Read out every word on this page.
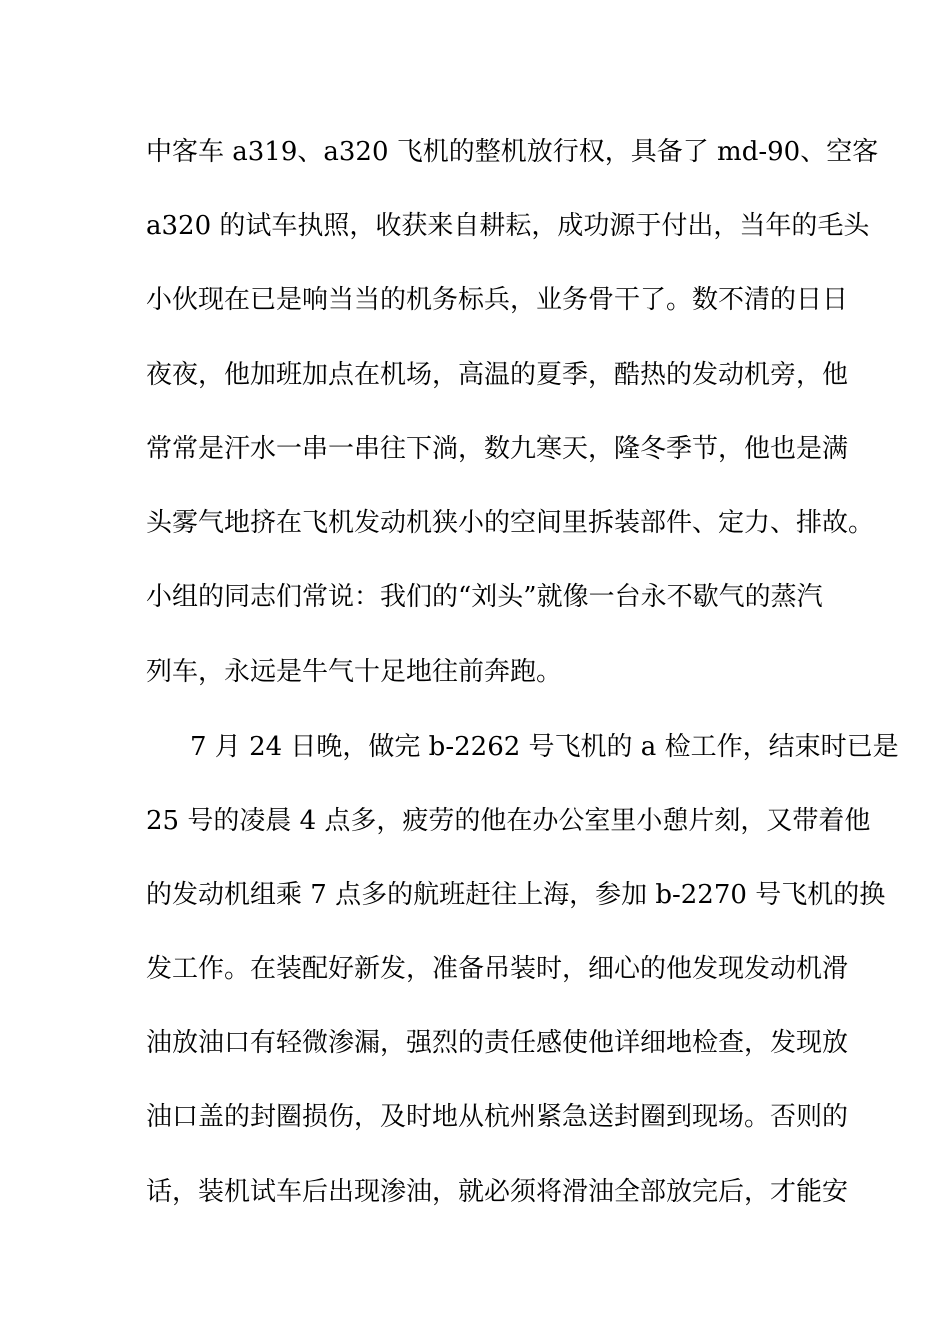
中客车 a319、a320 飞机的整机放行权，具备了 md-90、空客
a320 的试车执照，收获来自耕耘，成功源于付出，当年的毛头
小伙现在已是响当当的机务标兵，业务骨干了。数不清的日日
夜夜，他加班加点在机场，高温的夏季，酷热的发动机旁，他
常常是汗水一串一串往下淌，数九寒天，隆冬季节，他也是满
头雾气地挤在飞机发动机狭小的空间里拆装部件、定力、排故。
小组的同志们常说：我们的“刘头”就像一台永不歇气的蒸汽
列车，永远是牛气十足地往前奔跑。
7 月 24 日晚，做完 b-2262 号飞机的 a 检工作，结束时已是
25 号的凌晨 4 点多，疲劳的他在办公室里小憩片刻，又带着他
的发动机组乘 7 点多的航班赶往上海，参加 b-2270 号飞机的换
发工作。在装配好新发，准备吊装时，细心的他发现发动机滑
油放油口有轻微渗漏，强烈的责任感使他详细地检查，发现放
油口盖的封圈损伤，及时地从杭州紧急送封圈到现场。否则的
话，装机试车后出现渗油，就必须将滑油全部放完后，才能安
